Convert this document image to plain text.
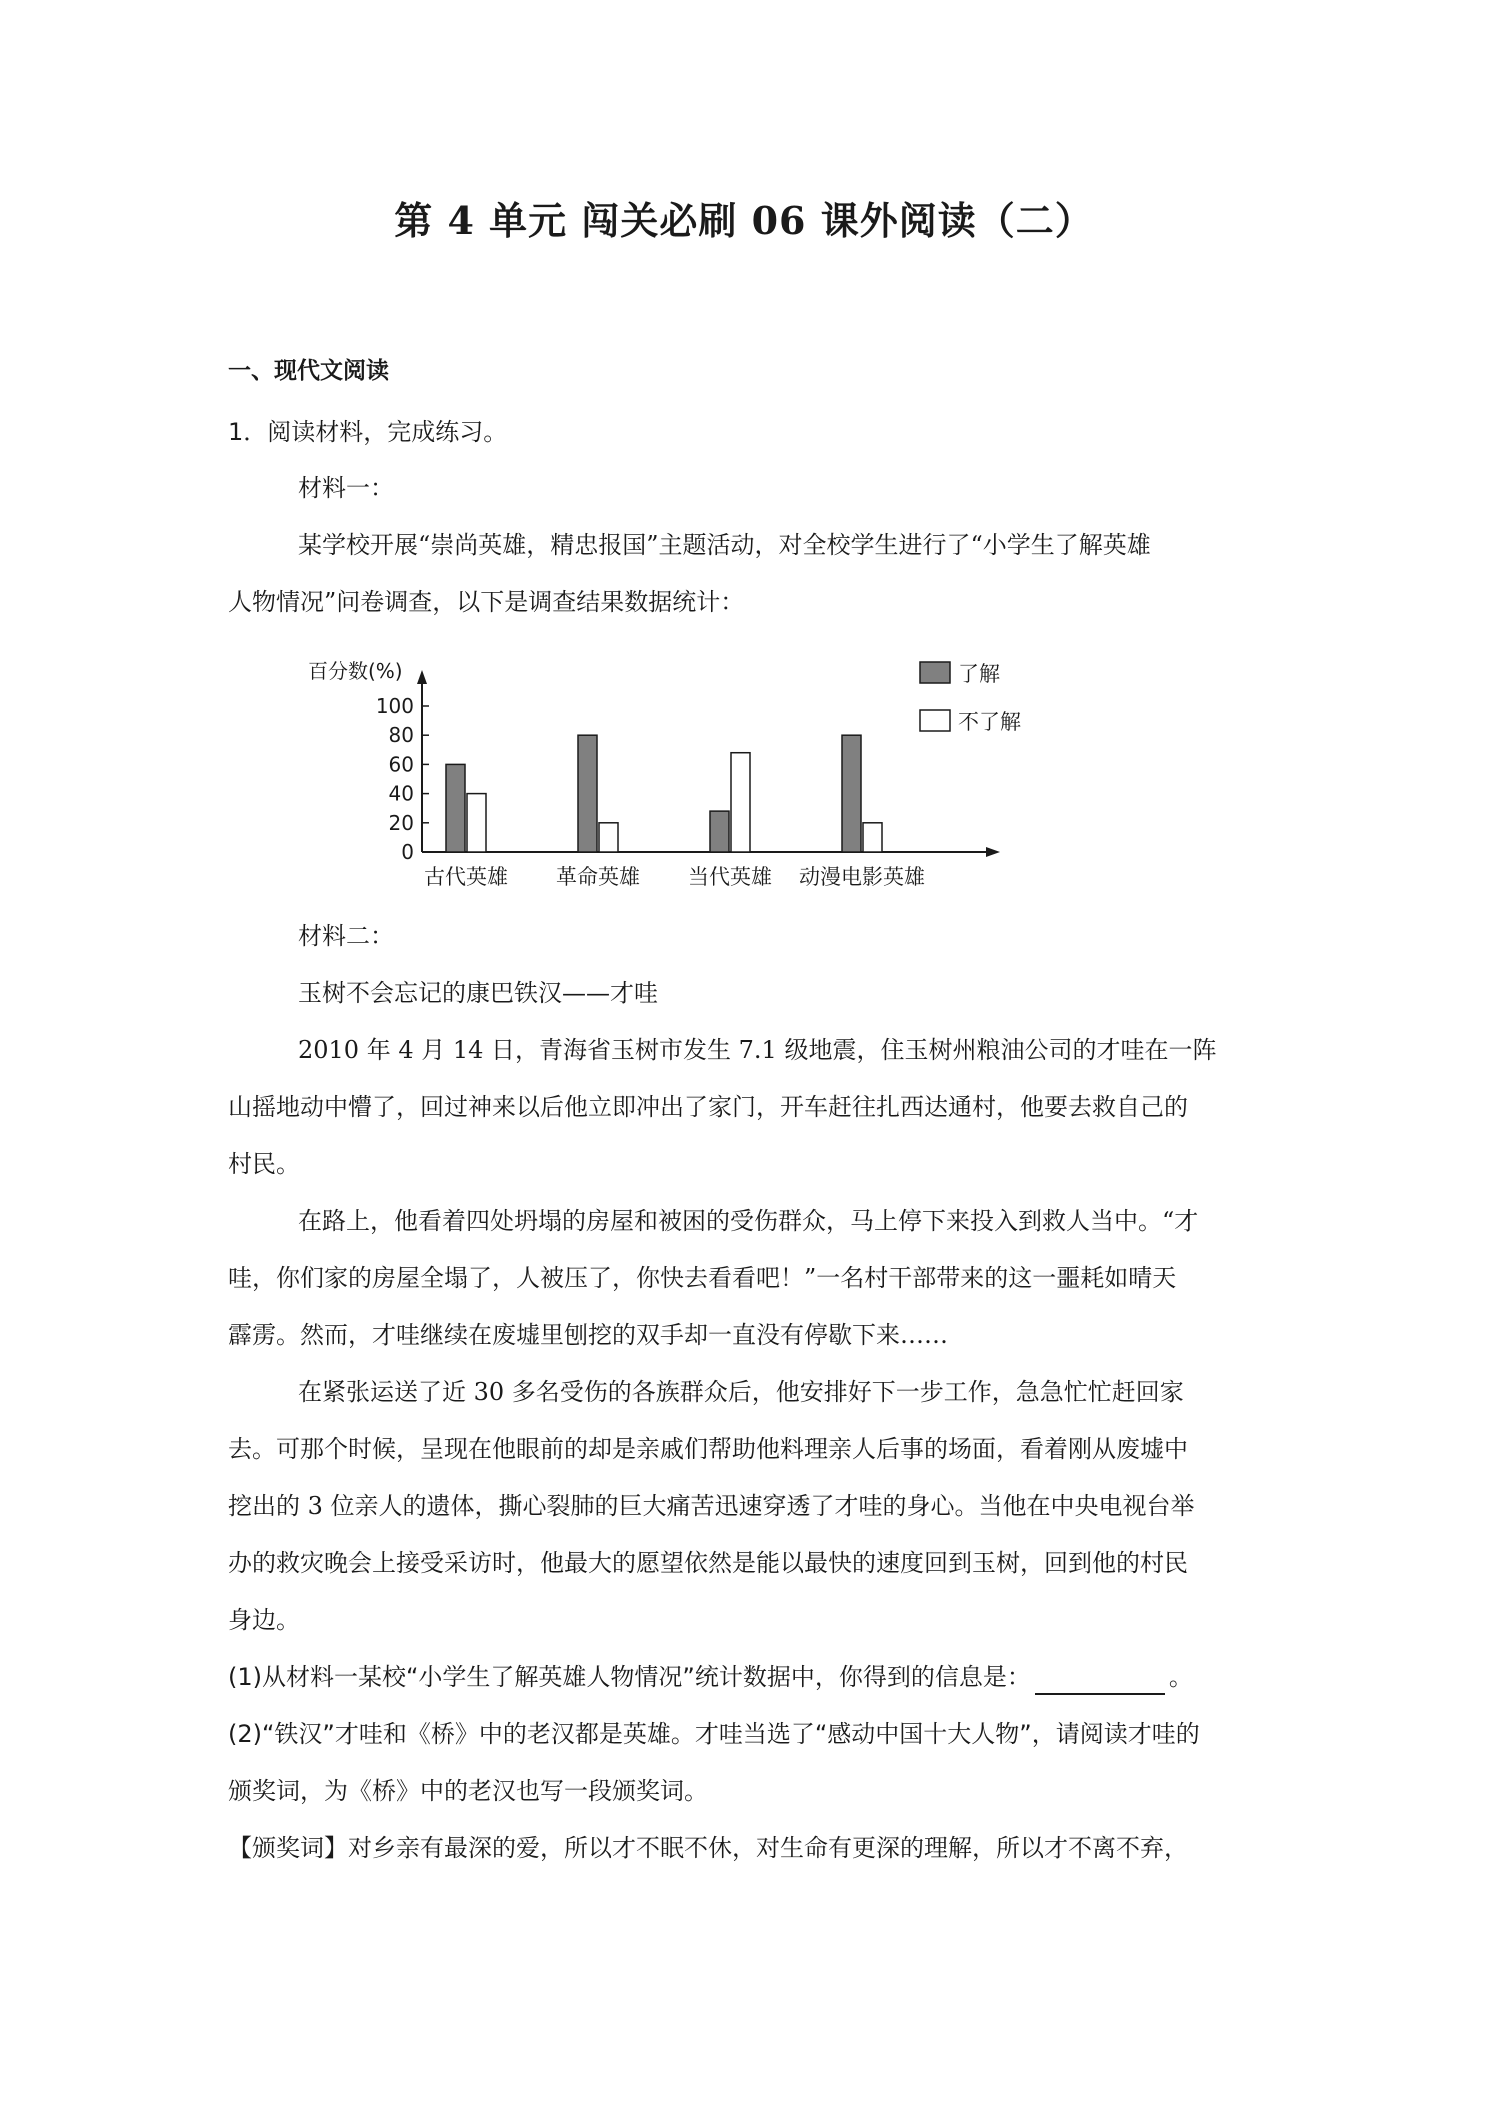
第 4 单元 闯关必刷 06 课外阅读（二）
一、现代文阅读
1．阅读材料，完成练习。
材料一：
某学校开展“崇尚英雄，精忠报国”主题活动，对全校学生进行了“小学生了解英雄
人物情况”问卷调查，以下是调查结果数据统计：
百分数(%)
0
20
40
60
80
100
古代英雄 革命英雄 当代英雄 动漫电影英雄
了解
不了解
材料二：
玉树不会忘记的康巴铁汉——才哇
2010 年 4 月 14 日，青海省玉树市发生 7.1 级地震，住玉树州粮油公司的才哇在一阵
山摇地动中懵了，回过神来以后他立即冲出了家门，开车赶往扎西达通村，他要去救自己的
村民。
在路上，他看着四处坍塌的房屋和被困的受伤群众，马上停下来投入到救人当中。“才
哇，你们家的房屋全塌了，人被压了，你快去看看吧！”一名村干部带来的这一噩耗如晴天
霹雳。然而，才哇继续在废墟里刨挖的双手却一直没有停歇下来……
在紧张运送了近 30 多名受伤的各族群众后，他安排好下一步工作，急急忙忙赶回家
去。可那个时候，呈现在他眼前的却是亲戚们帮助他料理亲人后事的场面，看着刚从废墟中
挖出的 3 位亲人的遗体，撕心裂肺的巨大痛苦迅速穿透了才哇的身心。当他在中央电视台举
办的救灾晚会上接受采访时，他最大的愿望依然是能以最快的速度回到玉树，回到他的村民
身边。
(1)从材料一某校“小学生了解英雄人物情况”统计数据中，你得到的信息是：	。
(2)“铁汉”才哇和《桥》中的老汉都是英雄。才哇当选了“感动中国十大人物”，请阅读才哇的
颁奖词，为《桥》中的老汉也写一段颁奖词。
【颁奖词】对乡亲有最深的爱，所以才不眠不休，对生命有更深的理解，所以才不离不弃，
